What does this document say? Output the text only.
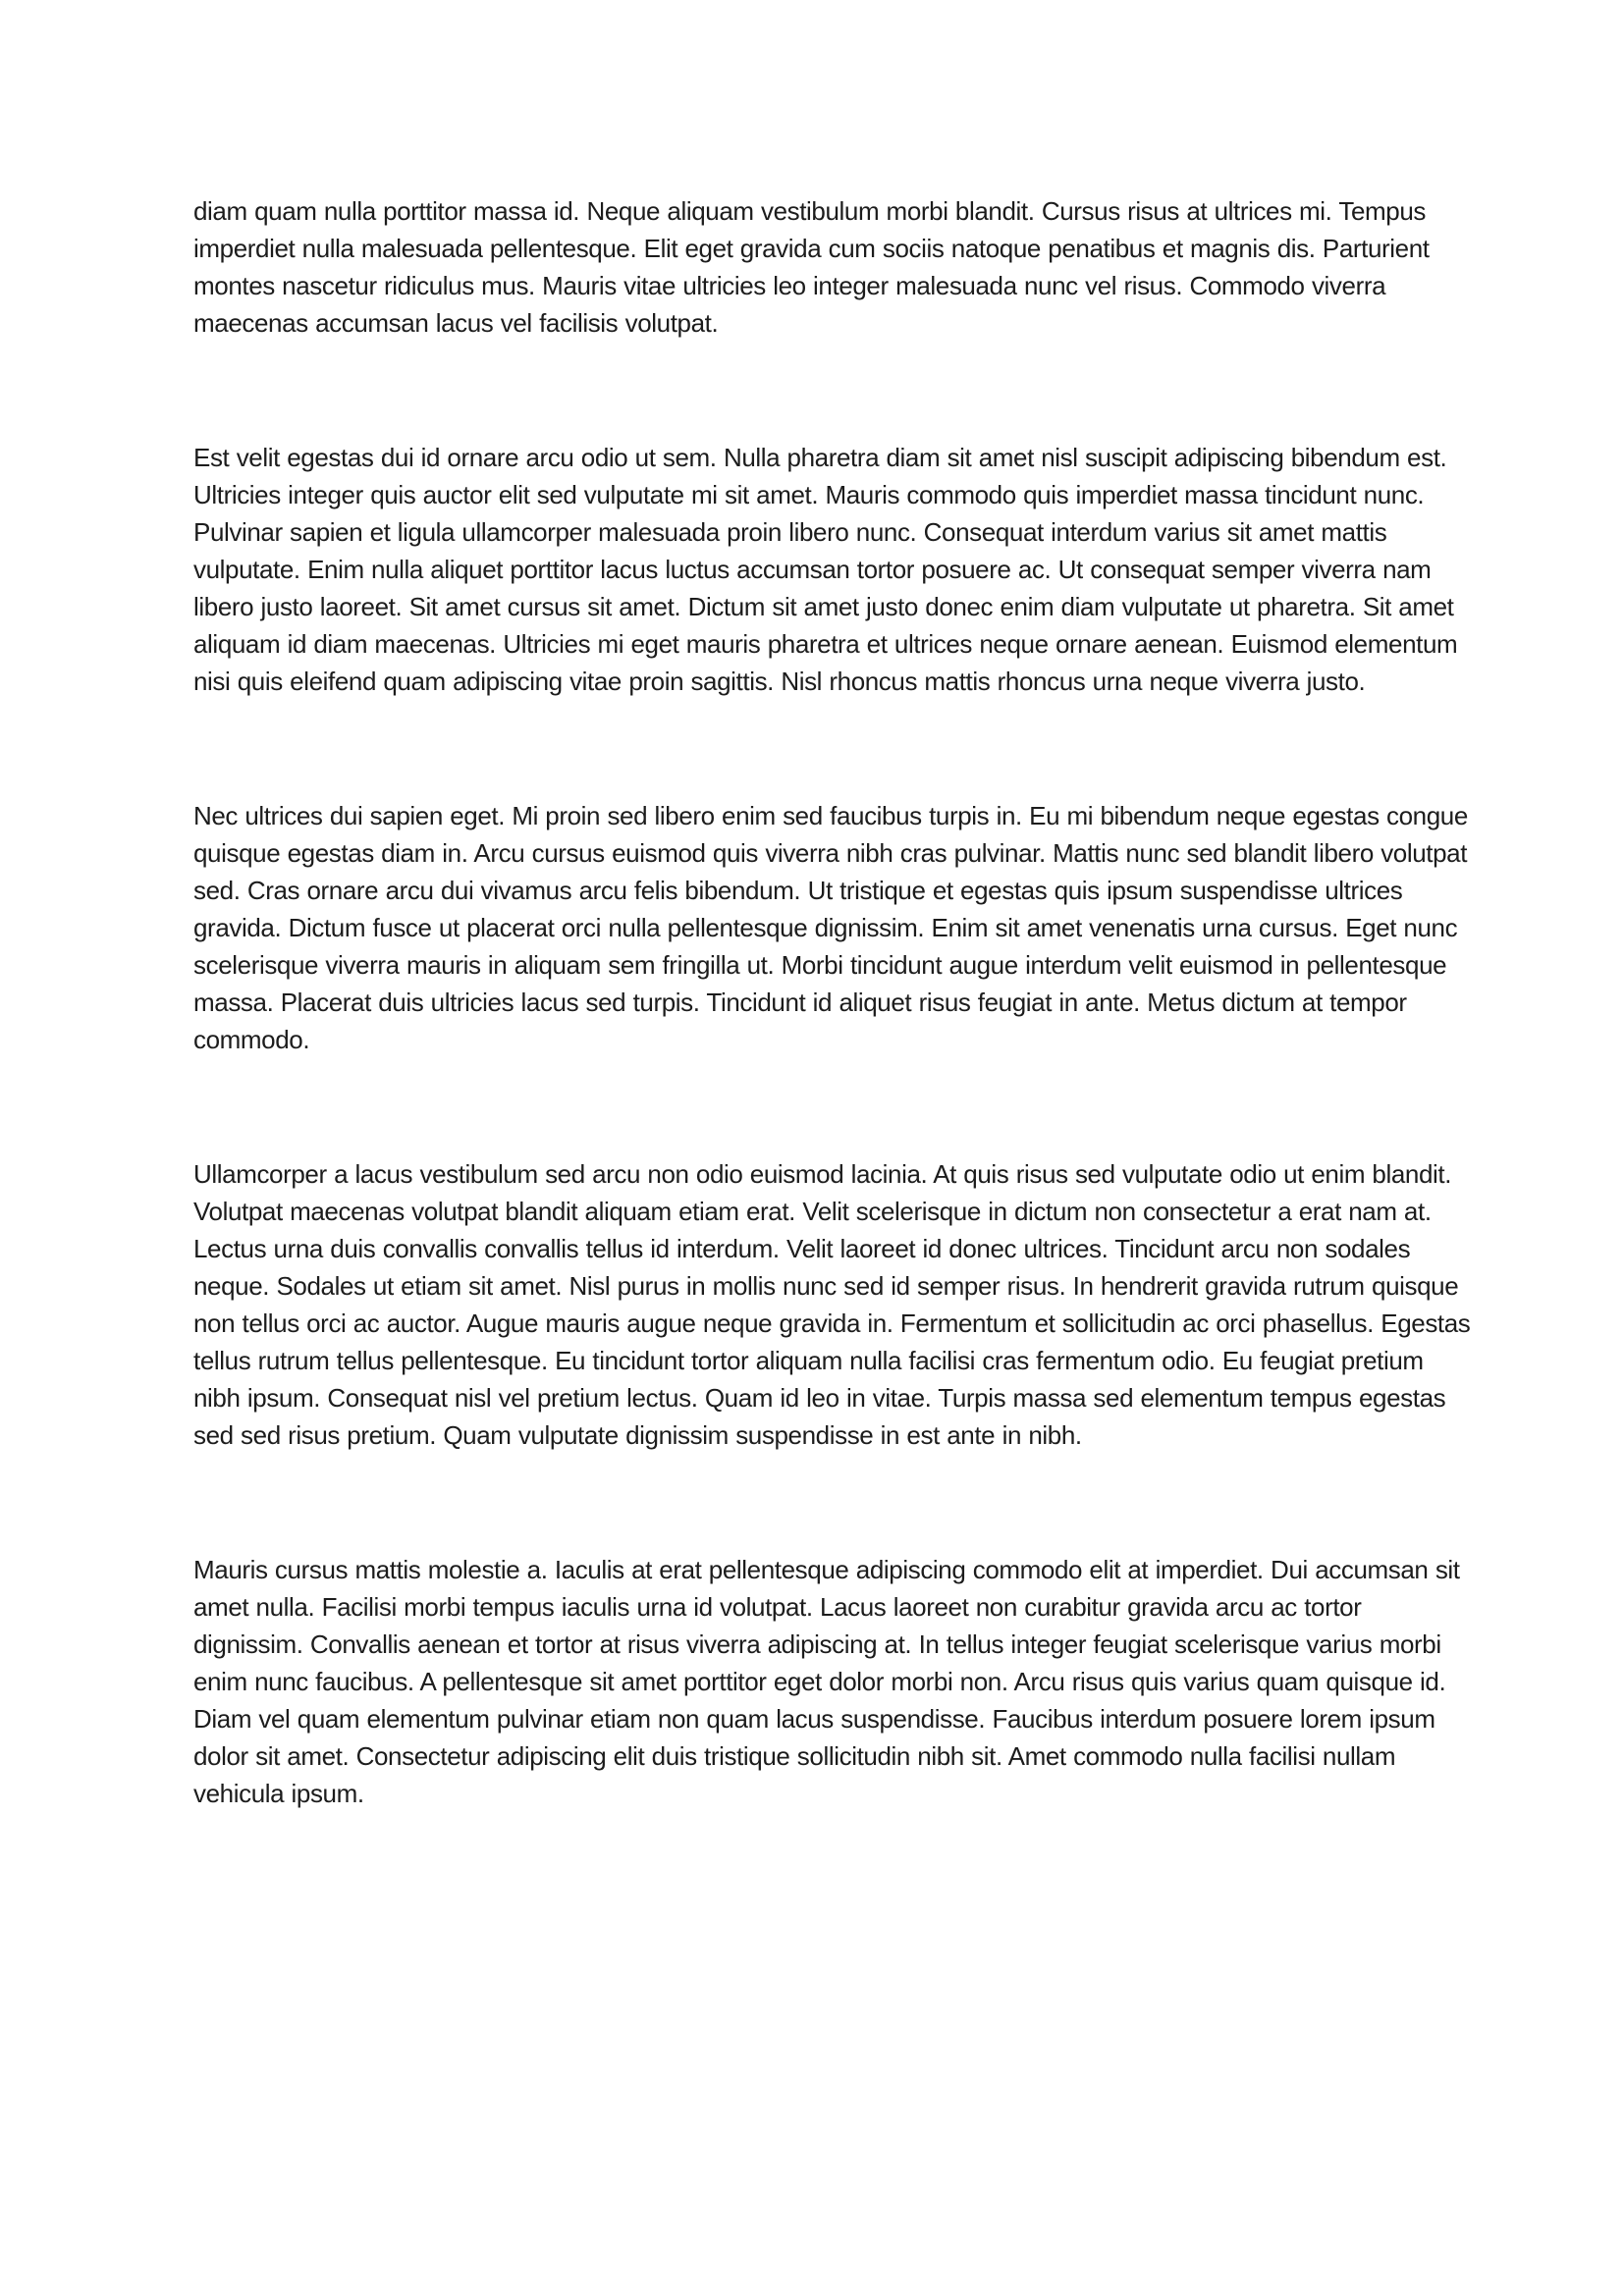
diam quam nulla porttitor massa id. Neque aliquam vestibulum morbi blandit. Cursus risus at ultrices mi. Tempus imperdiet nulla malesuada pellentesque. Elit eget gravida cum sociis natoque penatibus et magnis dis. Parturient montes nascetur ridiculus mus. Mauris vitae ultricies leo integer malesuada nunc vel risus. Commodo viverra maecenas accumsan lacus vel facilisis volutpat.

Est velit egestas dui id ornare arcu odio ut sem. Nulla pharetra diam sit amet nisl suscipit adipiscing bibendum est. Ultricies integer quis auctor elit sed vulputate mi sit amet. Mauris commodo quis imperdiet massa tincidunt nunc. Pulvinar sapien et ligula ullamcorper malesuada proin libero nunc. Consequat interdum varius sit amet mattis vulputate. Enim nulla aliquet porttitor lacus luctus accumsan tortor posuere ac. Ut consequat semper viverra nam libero justo laoreet. Sit amet cursus sit amet. Dictum sit amet justo donec enim diam vulputate ut pharetra. Sit amet aliquam id diam maecenas. Ultricies mi eget mauris pharetra et ultrices neque ornare aenean. Euismod elementum nisi quis eleifend quam adipiscing vitae proin sagittis. Nisl rhoncus mattis rhoncus urna neque viverra justo.

Nec ultrices dui sapien eget. Mi proin sed libero enim sed faucibus turpis in. Eu mi bibendum neque egestas congue quisque egestas diam in. Arcu cursus euismod quis viverra nibh cras pulvinar. Mattis nunc sed blandit libero volutpat sed. Cras ornare arcu dui vivamus arcu felis bibendum. Ut tristique et egestas quis ipsum suspendisse ultrices gravida. Dictum fusce ut placerat orci nulla pellentesque dignissim. Enim sit amet venenatis urna cursus. Eget nunc scelerisque viverra mauris in aliquam sem fringilla ut. Morbi tincidunt augue interdum velit euismod in pellentesque massa. Placerat duis ultricies lacus sed turpis. Tincidunt id aliquet risus feugiat in ante. Metus dictum at tempor commodo.

Ullamcorper a lacus vestibulum sed arcu non odio euismod lacinia. At quis risus sed vulputate odio ut enim blandit. Volutpat maecenas volutpat blandit aliquam etiam erat. Velit scelerisque in dictum non consectetur a erat nam at. Lectus urna duis convallis convallis tellus id interdum. Velit laoreet id donec ultrices. Tincidunt arcu non sodales neque. Sodales ut etiam sit amet. Nisl purus in mollis nunc sed id semper risus. In hendrerit gravida rutrum quisque non tellus orci ac auctor. Augue mauris augue neque gravida in. Fermentum et sollicitudin ac orci phasellus. Egestas tellus rutrum tellus pellentesque. Eu tincidunt tortor aliquam nulla facilisi cras fermentum odio. Eu feugiat pretium nibh ipsum. Consequat nisl vel pretium lectus. Quam id leo in vitae. Turpis massa sed elementum tempus egestas sed sed risus pretium. Quam vulputate dignissim suspendisse in est ante in nibh.

Mauris cursus mattis molestie a. Iaculis at erat pellentesque adipiscing commodo elit at imperdiet. Dui accumsan sit amet nulla. Facilisi morbi tempus iaculis urna id volutpat. Lacus laoreet non curabitur gravida arcu ac tortor dignissim. Convallis aenean et tortor at risus viverra adipiscing at. In tellus integer feugiat scelerisque varius morbi enim nunc faucibus. A pellentesque sit amet porttitor eget dolor morbi non. Arcu risus quis varius quam quisque id. Diam vel quam elementum pulvinar etiam non quam lacus suspendisse. Faucibus interdum posuere lorem ipsum dolor sit amet. Consectetur adipiscing elit duis tristique sollicitudin nibh sit. Amet commodo nulla facilisi nullam vehicula ipsum.
